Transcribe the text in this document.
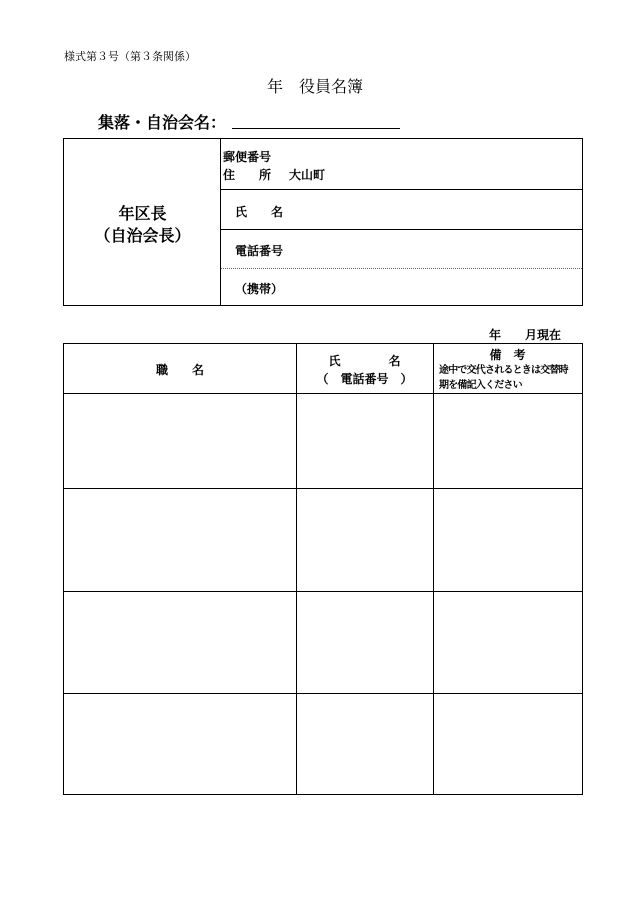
様式第３号（第３条関係）
年　役員名簿
集落・自治会名：
年区長
（自治会長）
郵便番号
住　　所 大山町
氏　　名
電話番号
（携帯）
年　　月現在
職　　名
氏　　　　名
（　電話番号　）
備　考
途中で交代されるときは交替時
期を備記入ください
